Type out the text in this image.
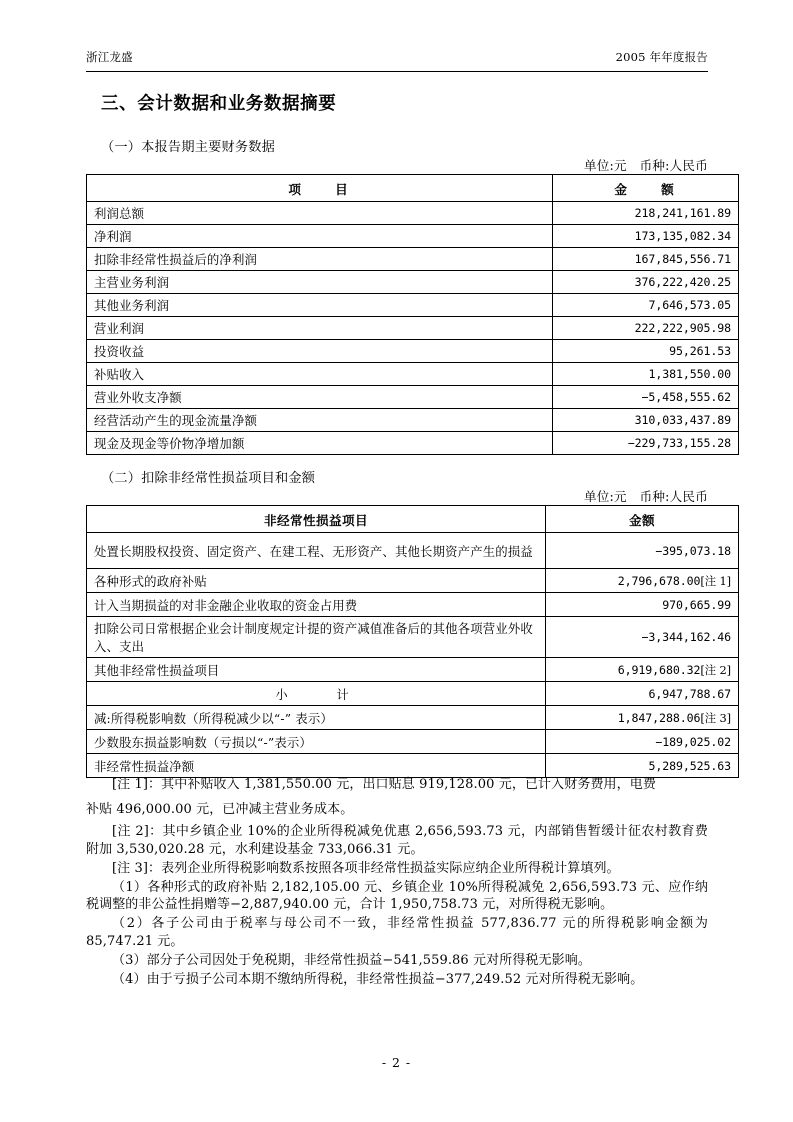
浙江龙盛	2005 年年度报告
三、会计数据和业务数据摘要
（一）本报告期主要财务数据
单位:元　币种:人民币
项　　目	金　　额
利润总额	218,241,161.89
净利润	173,135,082.34
扣除非经常性损益后的净利润	167,845,556.71
主营业务利润	376,222,420.25
其他业务利润	7,646,573.05
营业利润	222,222,905.98
投资收益	95,261.53
补贴收入	1,381,550.00
营业外收支净额	−5,458,555.62
经营活动产生的现金流量净额	310,033,437.89
现金及现金等价物净增加额	−229,733,155.28
（二）扣除非经常性损益项目和金额
单位:元　币种:人民币
非经常性损益项目	金额
处置长期股权投资、固定资产、在建工程、无形资产、其他长期资产产生的损益	−395,073.18
各种形式的政府补贴	2,796,678.00[注 1]
计入当期损益的对非金融企业收取的资金占用费	970,665.99
扣除公司日常根据企业会计制度规定计提的资产减值准备后的其他各项营业外收入、支出	−3,344,162.46
其他非经常性损益项目	6,919,680.32[注 2]
小　　计	6,947,788.67
减:所得税影响数（所得税减少以“-” 表示）	1,847,288.06[注 3]
少数股东损益影响数（亏损以“-”表示）	−189,025.02
非经常性损益净额	5,289,525.63

[注 1]：其中补贴收入 1,381,550.00 元，出口贴息 919,128.00 元，已计入财务费用，电费

补贴 496,000.00 元，已冲减主营业务成本。

[注 2]：其中乡镇企业 10%的企业所得税减免优惠 2,656,593.73 元，内部销售暂缓计征农村教育费附加 3,530,020.28 元，水利建设基金 733,066.31 元。

[注 3]：表列企业所得税影响数系按照各项非经常性损益实际应纳企业所得税计算填列。

（1）各种形式的政府补贴 2,182,105.00 元、乡镇企业 10%所得税减免 2,656,593.73 元、应作纳税调整的非公益性捐赠等−2,887,940.00 元，合计 1,950,758.73 元，对所得税无影响。

（2）各子公司由于税率与母公司不一致，非经常性损益 577,836.77 元的所得税影响金额为 85,747.21 元。

（3）部分子公司因处于免税期，非经常性损益−541,559.86 元对所得税无影响。

（4）由于亏损子公司本期不缴纳所得税，非经常性损益−377,249.52 元对所得税无影响。

- 2 -
